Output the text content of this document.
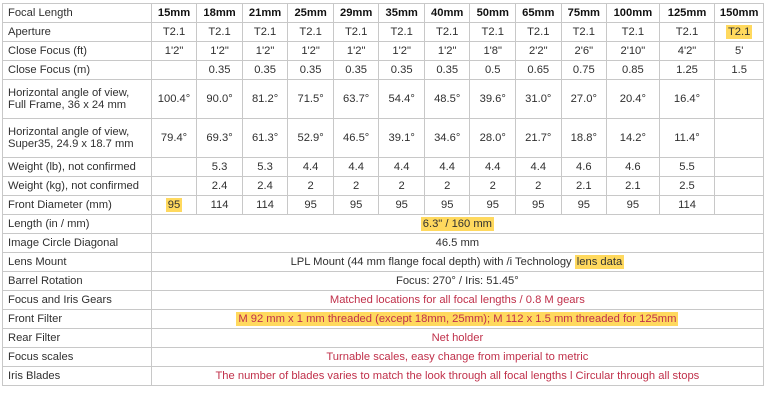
Focal Length	15mm	18mm	21mm	25mm	29mm	35mm	40mm	50mm	65mm	75mm	100mm	125mm	150mm
Aperture	T2.1	T2.1	T2.1	T2.1	T2.1	T2.1	T2.1	T2.1	T2.1	T2.1	T2.1	T2.1	T2.1
Close Focus (ft)	1'2"	1'2"	1'2"	1'2"	1'2"	1'2"	1'2"	1'8"	2'2"	2'6"	2'10"	4'2"	5'
Close Focus (m)		0.35	0.35	0.35	0.35	0.35	0.35	0.5	0.65	0.75	0.85	1.25	1.5

Horizontal angle of view,
Full Frame, 36 x 24 mm	100.4°	90.0°	81.2°	71.5°	63.7°	54.4°	48.5°	39.6°	31.0°	27.0°	20.4°	16.4°	

Horizontal angle of view,
Super35, 24.9 x 18.7 mm	79.4°	69.3°	61.3°	52.9°	46.5°	39.1°	34.6°	28.0°	21.7°	18.8°	14.2°	11.4°	
Weight (lb), not confirmed		5.3	5.3	4.4	4.4	4.4	4.4	4.4	4.4	4.6	4.6	5.5	
Weight (kg), not confirmed		2.4	2.4	2	2	2	2	2	2	2.1	2.1	2.5	
Front Diameter (mm)	95	114	114	95	95	95	95	95	95	95	95	114	
Length (in / mm)	6.3" / 160 mm												
Image Circle Diagonal	46.5 mm												
Lens Mount	LPL Mount (44 mm flange focal depth) with /i Technology lens data												
Barrel Rotation	Focus: 270° / Iris: 51.45°												
Focus and Iris Gears	Matched locations for all focal lengths / 0.8 M gears												
Front Filter	M 92 mm x 1 mm threaded (except 18mm, 25mm); M 112 x 1.5 mm threaded for 125mm												
Rear Filter	Net holder												
Focus scales	Turnable scales, easy change from imperial to metric												
Iris Blades	The number of blades varies to match the look through all focal lengths l Circular through all stops												
